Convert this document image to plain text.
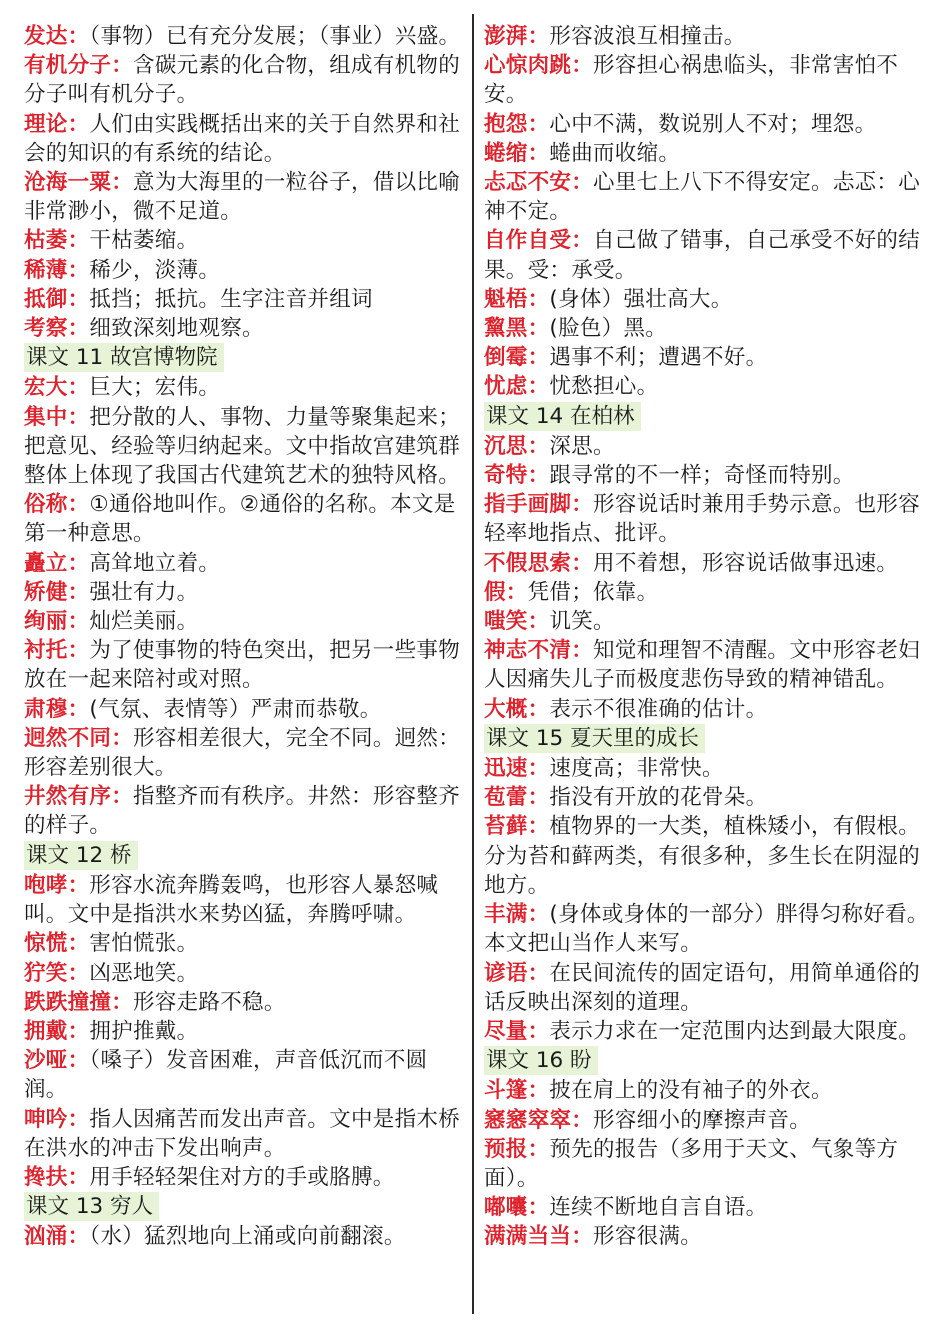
发达：（事物）已有充分发展；（事业）兴盛。
有机分子：含碳元素的化合物，组成有机物的分子叫有机分子。
理论：人们由实践概括出来的关于自然界和社会的知识的有系统的结论。
沧海一粟：意为大海里的一粒谷子，借以比喻非常渺小，微不足道。
枯萎：干枯萎缩。
稀薄：稀少，淡薄。
抵御：抵挡；抵抗。生字注音并组词
考察：细致深刻地观察。
课文 11 故宫博物院
宏大：巨大；宏伟。
集中：把分散的人、事物、力量等聚集起来；把意见、经验等归纳起来。文中指故宫建筑群整体上体现了我国古代建筑艺术的独特风格。
俗称：①通俗地叫作。②通俗的名称。本文是第一种意思。
矗立：高耸地立着。
矫健：强壮有力。
绚丽：灿烂美丽。
衬托：为了使事物的特色突出，把另一些事物放在一起来陪衬或对照。
肃穆：(气氛、表情等）严肃而恭敬。
迥然不同：形容相差很大，完全不同。迥然：形容差别很大。
井然有序：指整齐而有秩序。井然：形容整齐的样子。
课文 12 桥
咆哮：形容水流奔腾轰鸣，也形容人暴怒喊叫。文中是指洪水来势凶猛，奔腾呼啸。
惊慌：害怕慌张。
狞笑：凶恶地笑。
跌跌撞撞：形容走路不稳。
拥戴：拥护推戴。
沙哑：（嗓子）发音困难，声音低沉而不圆润。
呻吟：指人因痛苦而发出声音。文中是指木桥在洪水的冲击下发出响声。
搀扶：用手轻轻架住对方的手或胳膊。
课文 13 穷人
汹涌：（水）猛烈地向上涌或向前翻滚。
澎湃：形容波浪互相撞击。
心惊肉跳：形容担心祸患临头，非常害怕不安。
抱怨：心中不满，数说别人不对；埋怨。
蜷缩：蜷曲而收缩。
忐忑不安：心里七上八下不得安定。忐忑：心神不定。
自作自受：自己做了错事，自己承受不好的结果。受：承受。
魁梧：(身体）强壮高大。
黧黑：(脸色）黑。
倒霉：遇事不利；遭遇不好。
忧虑：忧愁担心。
课文 14 在柏林
沉思：深思。
奇特：跟寻常的不一样；奇怪而特别。
指手画脚：形容说话时兼用手势示意。也形容轻率地指点、批评。
不假思索：用不着想，形容说话做事迅速。
假：凭借；依靠。
嗤笑：讥笑。
神志不清：知觉和理智不清醒。文中形容老妇人因痛失儿子而极度悲伤导致的精神错乱。
大概：表示不很准确的估计。
课文 15 夏天里的成长
迅速：速度高；非常快。
苞蕾：指没有开放的花骨朵。
苔藓：植物界的一大类，植株矮小，有假根。分为苔和藓两类，有很多种，多生长在阴湿的地方。
丰满：(身体或身体的一部分）胖得匀称好看。本文把山当作人来写。
谚语：在民间流传的固定语句，用简单通俗的话反映出深刻的道理。
尽量：表示力求在一定范围内达到最大限度。
课文 16 盼
斗篷：披在肩上的没有袖子的外衣。
窸窸窣窣：形容细小的摩擦声音。
预报：预先的报告（多用于天文、气象等方面）。
嘟囔：连续不断地自言自语。
满满当当：形容很满。
